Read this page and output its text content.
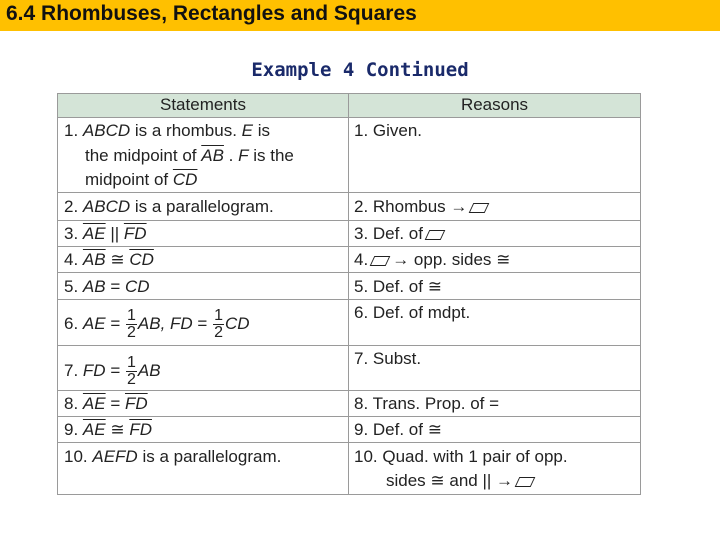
6.4 Rhombuses, Rectangles and Squares
Example 4 Continued
Statements	Reasons
1. ABCD is a rhombus. E is
the midpoint of $\overline{AB}$ . F is the
midpoint of $\overline{CD}$
1. Given.
2. ABCD is a parallelogram.	2. Rhombus →
3. $\overline{AE}$ || $\overline{FD}$	3. Def. of
4. $\overline{AB}$ ≅ $\overline{CD}$	4. → opp. sides ≅
5. AB = CD	5. Def. of ≅
6. AE = $\frac{1}{2}$ AB, FD = $\frac{1}{2}$ CD
6. Def. of mdpt.
7. FD = $\frac{1}{2}$ AB
7. Subst.
8. $\overline{AE} = \overline{FD}$	8. Trans. Prop. of =
9. $\overline{AE}$ ≅ $\overline{FD}$	9. Def. of ≅
10. AEFD is a parallelogram.	10. Quad. with 1 pair of opp.
sides ≅ and || →
